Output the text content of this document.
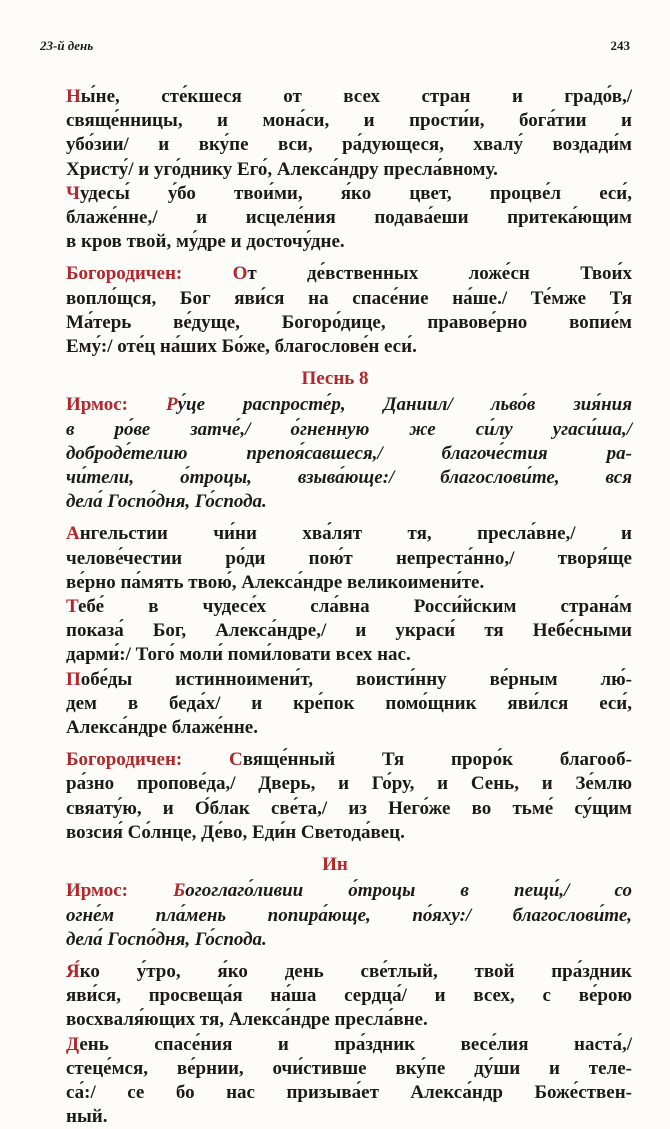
23-й день	243
Ны́не, сте́кшеся от всех стран и градо́в,/
свяще́нницы, и мона́си, и прости́и, бога́тии и
убо́зии/ и вку́пе вси, ра́дующеся, хвалу́ воздади́м
Христу́/ и уго́днику Его́, Алекса́ндру пресла́вному.
Чудесы́ у́бо твои́ми, я́ко цвет, процве́л еси́,
блаже́нне,/ и исцеле́ния подава́еши притека́ющим
в кров твой, му́дре и досточу́дне.
Богородичен:	От де́вственных ложе́сн Твои́х
вопло́щся, Бог яви́ся на спасе́ние на́ше./ Те́мже Тя
Ма́терь ве́дуще, Богоро́дице, правове́рно вопие́м
Ему́:/ оте́ц на́ших Бо́же, благослове́н еси́.
Песнь 8
Ирмос: Ру́це распросте́р, Даниил/ льво́в зия́ния
в ро́ве затче́,/ о́гненную же си́лу угаси́ша,/
доброде́телию препоя́савшеся,/ благоче́стия ра-
чи́тели, о́троцы, взыва́юще:/ благослови́те, вся
дела́ Госпо́дня, Го́спода.
Ангельстии чи́ни хва́лят тя, пресла́вне,/ и
челове́честии ро́ди пою́т непреста́нно,/ творя́ще
ве́рно па́мять твою́, Алекса́ндре великоимени́те.
Тебе́ в чудесе́х сла́вна Росси́йским страна́м
показа́ Бог, Алекса́ндре,/ и украси́ тя Небе́сными
дарми́:/ Того́ моли́ поми́ловати всех нас.
Побе́ды истинноимени́т, воисти́нну ве́рным лю́-
дем в беда́х/ и кре́пок помо́щник яви́лся еси́,
Алекса́ндре блаже́нне.
Богородичен: Свяще́нный Тя проро́к благооб-
ра́зно пропове́да,/ Дверь, и Го́ру, и Сень, и Зе́млю
свяату́ю, и О́блак све́та,/ из Него́же во тьме́ су́щим
возсия́ Со́лнце, Де́во, Еди́н Светода́вец.
Ин
Ирмос: Богоглаго́ливии о́троцы в пещи́,/ со
огне́м пла́мень попира́юще, по́яху:/ благослови́те,
дела́ Госпо́дня, Го́спода.
Я́ко у́тро, я́ко день све́тлый, твой пра́здник
яви́ся, просвеща́я на́ша сердца́/ и всех, с ве́рою
восхваля́ющих тя, Алекса́ндре пресла́вне.
День спасе́ния и пра́здник весе́лия наста́,/
стеце́мся, ве́рнии, очи́стивше вку́пе ду́ши и теле-
са́:/ се бо нас призыва́ет Алекса́ндр Боже́ствен-
ный.
